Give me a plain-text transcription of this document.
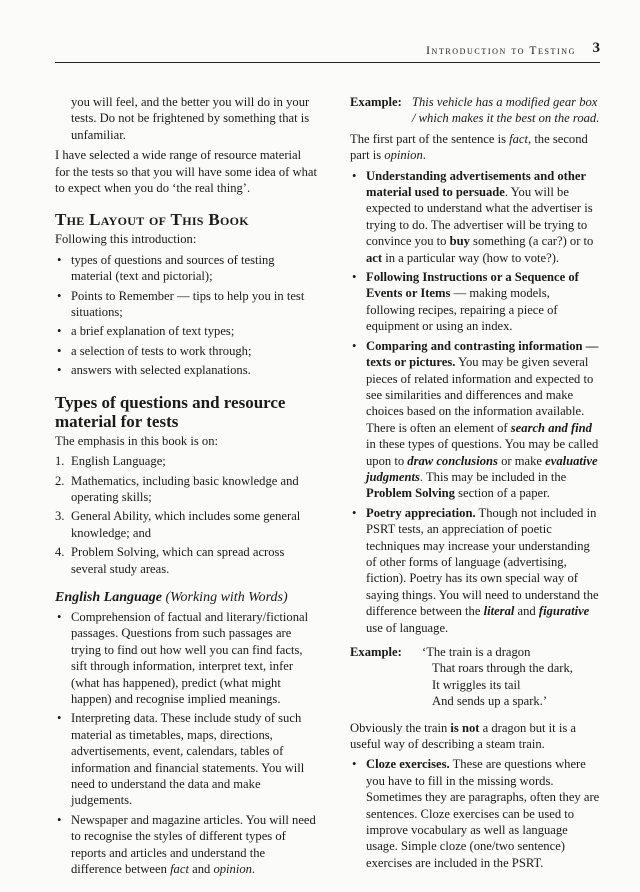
Introduction to Testing 3

you will feel, and the better you will do in your tests. Do not be frightened by something that is unfamiliar.

I have selected a wide range of resource material for the tests so that you will have some idea of what to expect when you do ‘the real thing’.

The Layout of This Book

Following this introduction:

• types of questions and sources of testing material (text and pictorial);
• Points to Remember — tips to help you in test situations;
• a brief explanation of text types;
• a selection of tests to work through;
• answers with selected explanations.
Types of questions and resource material for tests

The emphasis in this book is on:

1. English Language;
2. Mathematics, including basic knowledge and operating skills;
3. General Ability, which includes some general knowledge; and
4. Problem Solving, which can spread across several study areas.
English Language (Working with Words)
• Comprehension of factual and literary/fictional passages. Questions from such passages are trying to find out how well you can find facts, sift through information, interpret text, infer (what has happened), predict (what might happen) and recognise implied meanings.
• Interpreting data. These include study of such material as timetables, maps, directions, advertisements, event, calendars, tables of information and financial statements. You will need to understand the data and make judgements.
• Newspaper and magazine articles. You will need to recognise the styles of different types of reports and articles and understand the difference between fact and opinion.
Example: This vehicle has a modified gear box / which makes it the best on the road.

The first part of the sentence is fact, the second part is opinion.

• Understanding advertisements and other material used to persuade. You will be expected to understand what the advertiser is trying to do. The advertiser will be trying to convince you to buy something (a car?) or to act in a particular way (how to vote?).
• Following Instructions or a Sequence of Events or Items — making models, following recipes, repairing a piece of equipment or using an index.
• Comparing and contrasting information — texts or pictures. You may be given several pieces of related information and expected to see similarities and differences and make choices based on the information available. There is often an element of search and find in these types of questions. You may be called upon to draw conclusions or make evaluative judgments. This may be included in the Problem Solving section of a paper.
• Poetry appreciation. Though not included in PSRT tests, an appreciation of poetic techniques may increase your understanding of other forms of language (advertising, fiction). Poetry has its own special way of saying things. You will need to understand the difference between the literal and figurative use of language.
Example: ‘The train is a dragon
That roars through the dark,
It wriggles its tail
And sends up a spark.’

Obviously the train is not a dragon but it is a useful way of describing a steam train.

• Cloze exercises. These are questions where you have to fill in the missing words. Sometimes they are paragraphs, often they are sentences. Cloze exercises can be used to improve vocabulary as well as language usage. Simple cloze (one/two sentence) exercises are included in the PSRT.
